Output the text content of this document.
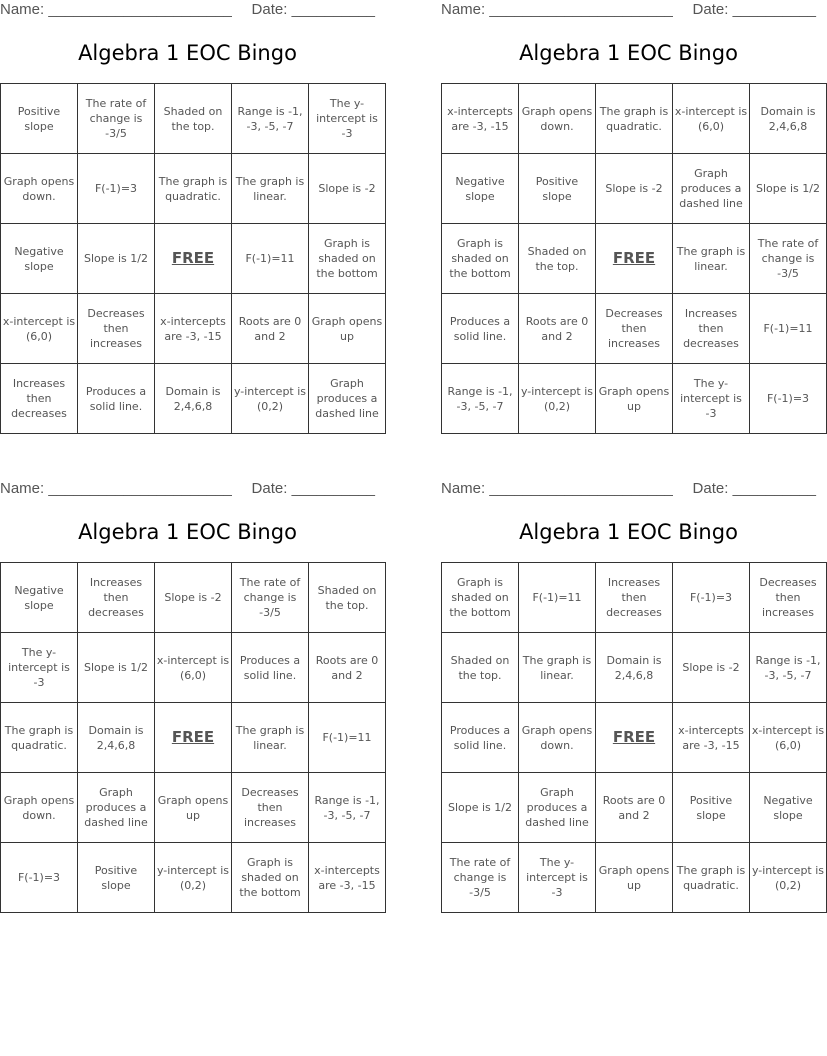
Name: ______________________ Date: __________
Algebra 1 EOC Bingo
Positive slope	The rate of change is -3/5	Shaded on the top.	Range is -1, -3, -5, -7	The y-intercept is -3
Graph opens down.	F(-1)=3	The graph is quadratic.	The graph is linear.	Slope is -2
Negative slope	Slope is 1/2	FREE	F(-1)=11	Graph is shaded on the bottom
x-intercept is (6,0)	Decreases then increases	x-intercepts are -3, -15	Roots are 0 and 2	Graph opens up
Increases then decreases	Produces a solid line.	Domain is 2,4,6,8	y-intercept is (0,2)	Graph produces a dashed line
Name: ______________________ Date: __________
Algebra 1 EOC Bingo
x-intercepts are -3, -15	Graph opens down.	The graph is quadratic.	x-intercept is (6,0)	Domain is 2,4,6,8
Negative slope	Positive slope	Slope is -2	Graph produces a dashed line	Slope is 1/2
Graph is shaded on the bottom	Shaded on the top.	FREE	The graph is linear.	The rate of change is -3/5
Produces a solid line.	Roots are 0 and 2	Decreases then increases	Increases then decreases	F(-1)=11
Range is -1, -3, -5, -7	y-intercept is (0,2)	Graph opens up	The y-intercept is -3	F(-1)=3
Name: ______________________ Date: __________
Algebra 1 EOC Bingo
Negative slope	Increases then decreases	Slope is -2	The rate of change is -3/5	Shaded on the top.
The y-intercept is -3	Slope is 1/2	x-intercept is (6,0)	Produces a solid line.	Roots are 0 and 2
The graph is quadratic.	Domain is 2,4,6,8	FREE	The graph is linear.	F(-1)=11
Graph opens down.	Graph produces a dashed line	Graph opens up	Decreases then increases	Range is -1, -3, -5, -7
F(-1)=3	Positive slope	y-intercept is (0,2)	Graph is shaded on the bottom	x-intercepts are -3, -15
Name: ______________________ Date: __________
Algebra 1 EOC Bingo
Graph is shaded on the bottom	F(-1)=11	Increases then decreases	F(-1)=3	Decreases then increases
Shaded on the top.	The graph is linear.	Domain is 2,4,6,8	Slope is -2	Range is -1, -3, -5, -7
Produces a solid line.	Graph opens down.	FREE	x-intercepts are -3, -15	x-intercept is (6,0)
Slope is 1/2	Graph produces a dashed line	Roots are 0 and 2	Positive slope	Negative slope
The rate of change is -3/5	The y-intercept is -3	Graph opens up	The graph is quadratic.	y-intercept is (0,2)
